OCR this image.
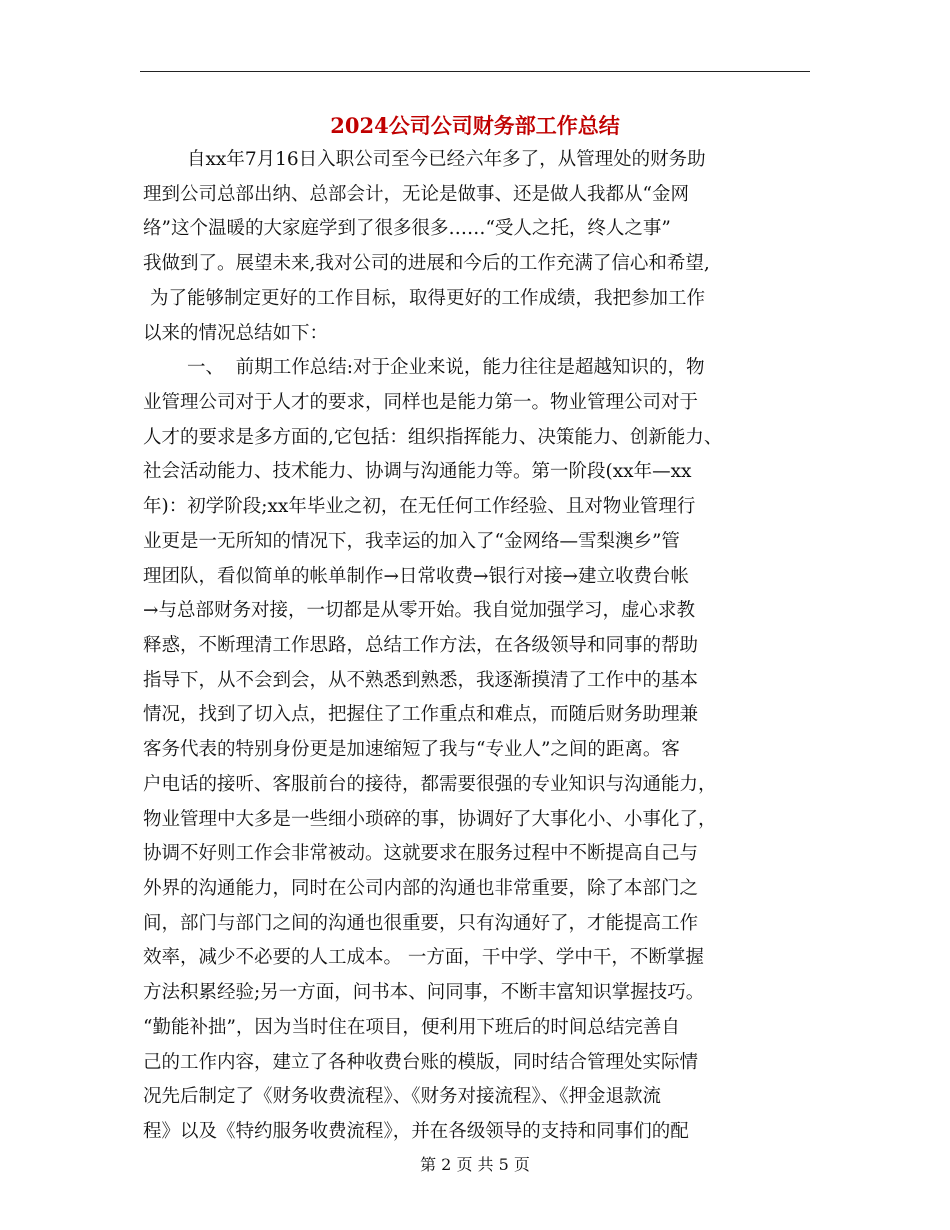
2024公司公司财务部工作总结
自xx年7月16日入职公司至今已经六年多了，从管理处的财务助
理到公司总部出纳、总部会计，无论是做事、还是做人我都从“金网
络”这个温暖的大家庭学到了很多很多……“受人之托，终人之事”
我做到了。展望未来,我对公司的进展和今后的工作充满了信心和希望,
为了能够制定更好的工作目标，取得更好的工作成绩，我把参加工作
以来的情况总结如下：
一、  前期工作总结:对于企业来说，能力往往是超越知识的，物
业管理公司对于人才的要求，同样也是能力第一。物业管理公司对于
人才的要求是多方面的,它包括：组织指挥能力、决策能力、创新能力、
社会活动能力、技术能力、协调与沟通能力等。第一阶段(xx年—xx
年)：初学阶段;xx年毕业之初，在无任何工作经验、且对物业管理行
业更是一无所知的情况下，我幸运的加入了“金网络—雪梨澳乡”管
理团队，看似简单的帐单制作→日常收费→银行对接→建立收费台帐
→与总部财务对接，一切都是从零开始。我自觉加强学习，虚心求教
释惑，不断理清工作思路，总结工作方法，在各级领导和同事的帮助
指导下，从不会到会，从不熟悉到熟悉，我逐渐摸清了工作中的基本
情况，找到了切入点，把握住了工作重点和难点，而随后财务助理兼
客务代表的特别身份更是加速缩短了我与“专业人”之间的距离。客
户电话的接听、客服前台的接待，都需要很强的专业知识与沟通能力，
物业管理中大多是一些细小琐碎的事，协调好了大事化小、小事化了，
协调不好则工作会非常被动。这就要求在服务过程中不断提高自己与
外界的沟通能力，同时在公司内部的沟通也非常重要，除了本部门之
间，部门与部门之间的沟通也很重要，只有沟通好了，才能提高工作
效率，减少不必要的人工成本。 一方面，干中学、学中干，不断掌握
方法积累经验;另一方面，问书本、问同事，不断丰富知识掌握技巧。
“勤能补拙”，因为当时住在项目，便利用下班后的时间总结完善自
己的工作内容，建立了各种收费台账的模版，同时结合管理处实际情
况先后制定了《财务收费流程》、《财务对接流程》、《押金退款流
程》以及《特约服务收费流程》，并在各级领导的支持和同事们的配
第 2 页 共 5 页
